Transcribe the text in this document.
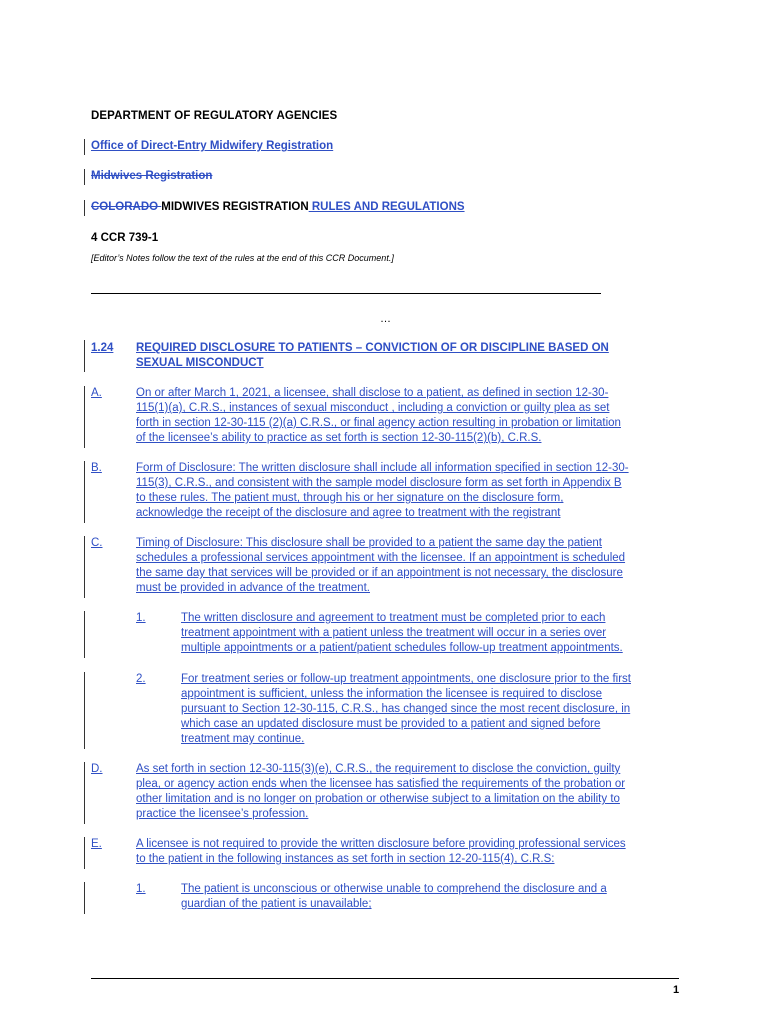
DEPARTMENT OF REGULATORY AGENCIES
Office of Direct-Entry Midwifery Registration
Midwives Registration
COLORADO MIDWIVES REGISTRATION RULES AND REGULATIONS
4 CCR 739-1
[Editor’s Notes follow the text of the rules at the end of this CCR Document.]
…
1.24 REQUIRED DISCLOSURE TO PATIENTS – CONVICTION OF OR DISCIPLINE BASED ON
SEXUAL MISCONDUCT
A.	On or after March 1, 2021, a licensee, shall disclose to a patient, as defined in section 12-30-
115(1)(a), C.R.S., instances of sexual misconduct , including a conviction or guilty plea as set
forth in section 12-30-115 (2)(a) C.R.S., or final agency action resulting in probation or limitation
of the licensee’s ability to practice as set forth is section 12-30-115(2)(b), C.R.S.
B.	Form of Disclosure: The written disclosure shall include all information specified in section 12-30-
115(3), C.R.S., and consistent with the sample model disclosure form as set forth in Appendix B
to these rules. The patient must, through his or her signature on the disclosure form,
acknowledge the receipt of the disclosure and agree to treatment with the registrant
C.	Timing of Disclosure: This disclosure shall be provided to a patient the same day the patient
schedules a professional services appointment with the licensee. If an appointment is scheduled
the same day that services will be provided or if an appointment is not necessary, the disclosure
must be provided in advance of the treatment.
1.	The written disclosure and agreement to treatment must be completed prior to each
treatment appointment with a patient unless the treatment will occur in a series over
multiple appointments or a patient/patient schedules follow-up treatment appointments.
2.	For treatment series or follow-up treatment appointments, one disclosure prior to the first
appointment is sufficient, unless the information the licensee is required to disclose
pursuant to Section 12-30-115, C.R.S., has changed since the most recent disclosure, in
which case an updated disclosure must be provided to a patient and signed before
treatment may continue.
D.	As set forth in section 12-30-115(3)(e), C.R.S., the requirement to disclose the conviction, guilty
plea, or agency action ends when the licensee has satisfied the requirements of the probation or
other limitation and is no longer on probation or otherwise subject to a limitation on the ability to
practice the licensee’s profession.
E.	A licensee is not required to provide the written disclosure before providing professional services
to the patient in the following instances as set forth in section 12-20-115(4), C.R.S:
1.	The patient is unconscious or otherwise unable to comprehend the disclosure and a
guardian of the patient is unavailable;
1
